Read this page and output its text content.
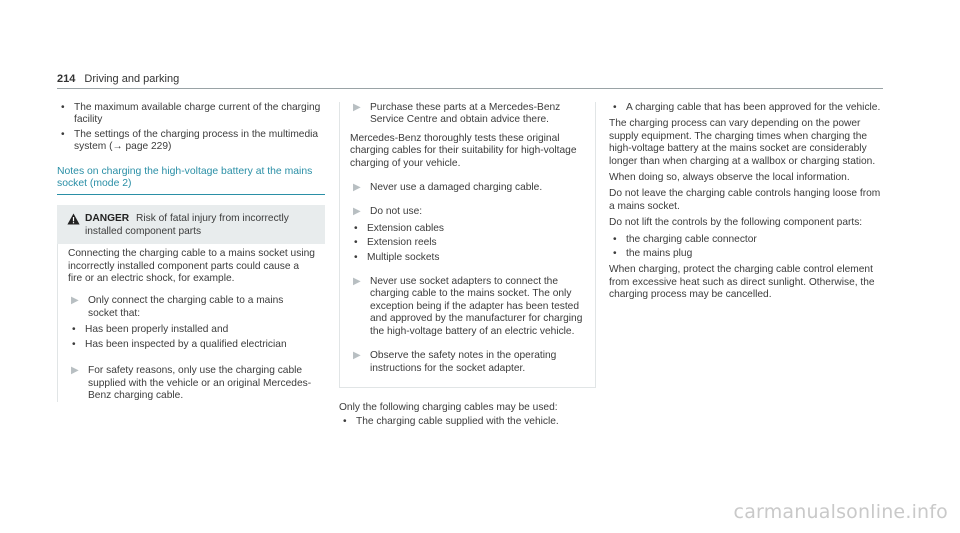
214 Driving and parking
• The maximum available charge current of the charging facility
• The settings of the charging process in the multimedia system (→ page 229)
Notes on charging the high-voltage battery at the mains socket (mode 2)
DANGER Risk of fatal injury from incorrectly installed component parts

Connecting the charging cable to a mains socket using incorrectly installed component parts could cause a fire or an electric shock, for example.

▶ Only connect the charging cable to a mains socket that:
• Has been properly installed and
• Has been inspected by a qualified electrician
▶ For safety reasons, only use the charging cable supplied with the vehicle or an original Mercedes-Benz charging cable.
▶ Purchase these parts at a Mercedes-Benz Service Centre and obtain advice there.

Mercedes-Benz thoroughly tests these original charging cables for their suitability for high-voltage charging of your vehicle.

▶ Never use a damaged charging cable.
▶ Do not use:
• Extension cables
• Extension reels
• Multiple sockets
▶ Never use socket adapters to connect the charging cable to the mains socket. The only exception being if the adapter has been tested and approved by the manufacturer for charging the high-voltage battery of an electric vehicle.
▶ Observe the safety notes in the operating instructions for the socket adapter.

Only the following charging cables may be used:

• The charging cable supplied with the vehicle.
• A charging cable that has been approved for the vehicle.

The charging process can vary depending on the power supply equipment. The charging times when charging the high-voltage battery at the mains socket are considerably longer than when charging at a wallbox or charging station.

When doing so, always observe the local information.

Do not leave the charging cable controls hanging loose from a mains socket.

Do not lift the controls by the following component parts:

• the charging cable connector
• the mains plug

When charging, protect the charging cable control element from excessive heat such as direct sunlight. Otherwise, the charging process may be cancelled.

carmanualsonline.info
